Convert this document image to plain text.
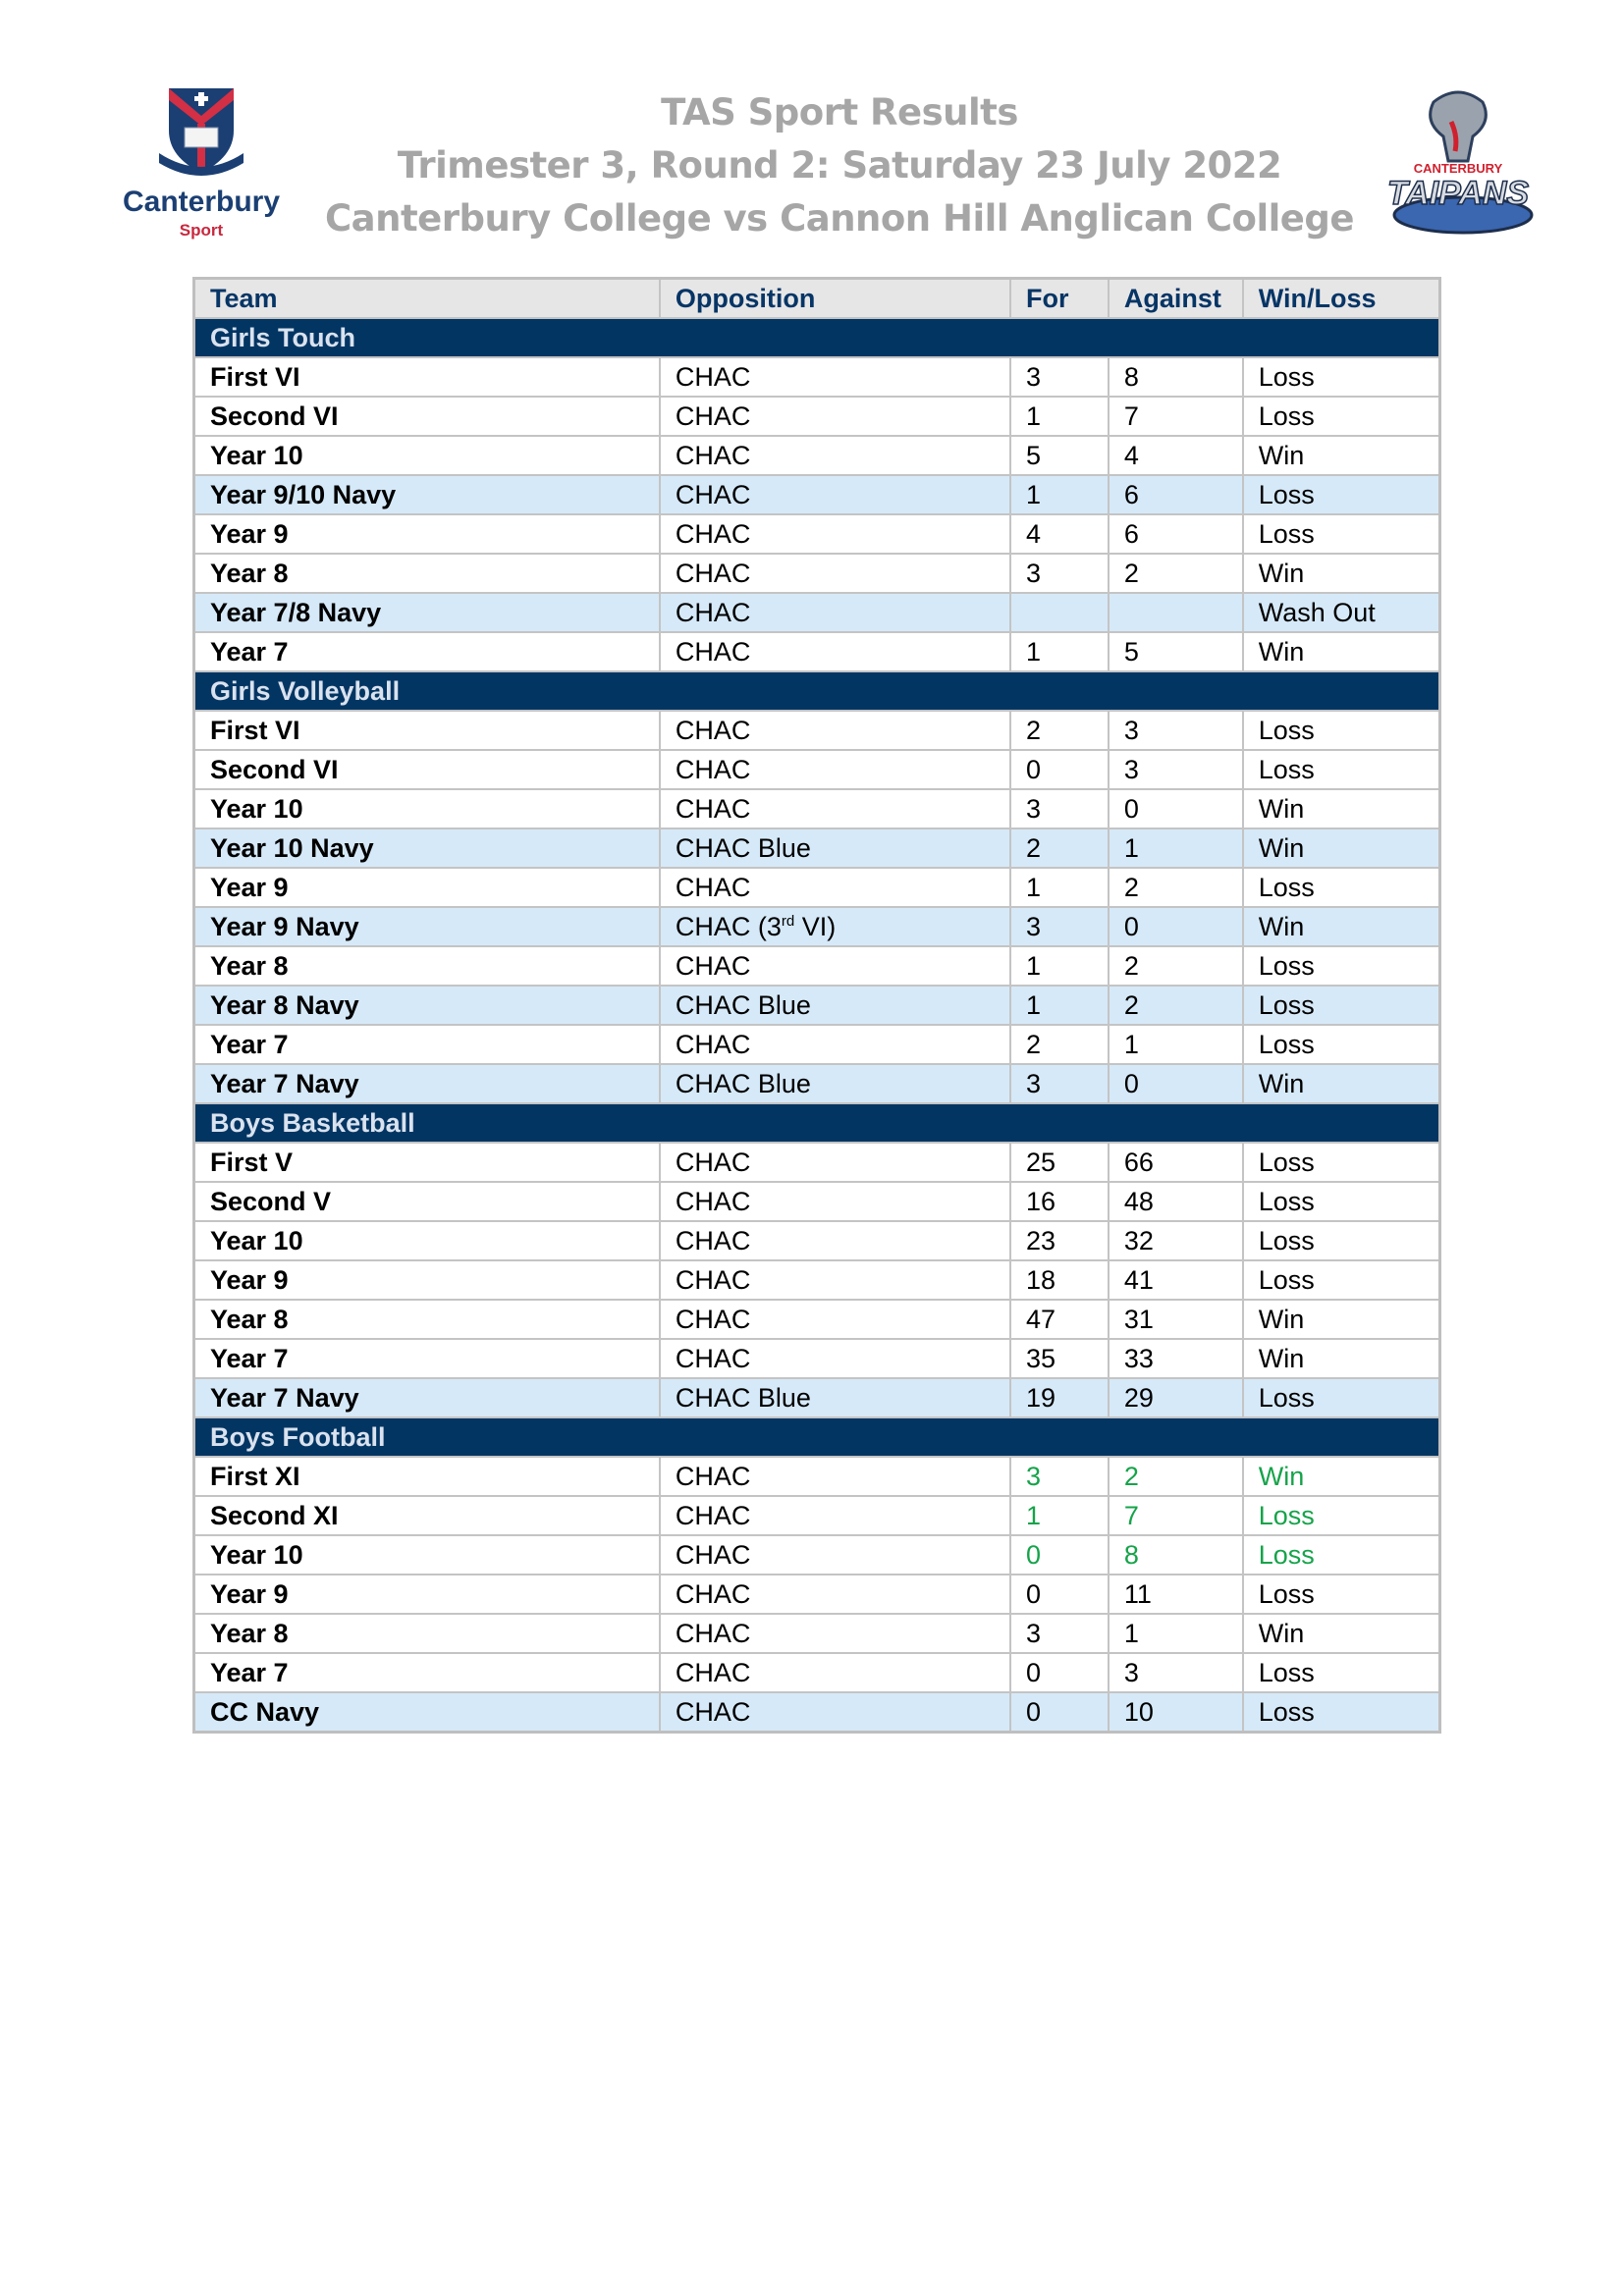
Canterbury
Sport
TAS Sport Results
Trimester 3, Round 2: Saturday 23 July 2022
Canterbury College vs Cannon Hill Anglican College
CANTERBURY
TAIPANS
Team	Opposition	For	Against	Win/Loss
Girls Touch				
First VI	CHAC	3	8	Loss
Second VI	CHAC	1	7	Loss
Year 10	CHAC	5	4	Win
Year 9/10 Navy	CHAC	1	6	Loss
Year 9	CHAC	4	6	Loss
Year 8	CHAC	3	2	Win
Year 7/8 Navy	CHAC			Wash Out
Year 7	CHAC	1	5	Win
Girls Volleyball				
First VI	CHAC	2	3	Loss
Second VI	CHAC	0	3	Loss
Year 10	CHAC	3	0	Win
Year 10 Navy	CHAC Blue	2	1	Win
Year 9	CHAC	1	2	Loss
Year 9 Navy	CHAC (3rd VI)	3	0	Win
Year 8	CHAC	1	2	Loss
Year 8 Navy	CHAC Blue	1	2	Loss
Year 7	CHAC	2	1	Loss
Year 7 Navy	CHAC Blue	3	0	Win
Boys Basketball				
First V	CHAC	25	66	Loss
Second V	CHAC	16	48	Loss
Year 10	CHAC	23	32	Loss
Year 9	CHAC	18	41	Loss
Year 8	CHAC	47	31	Win
Year 7	CHAC	35	33	Win
Year 7 Navy	CHAC Blue	19	29	Loss
Boys Football				
First XI	CHAC	3	2	Win
Second XI	CHAC	1	7	Loss
Year 10	CHAC	0	8	Loss
Year 9	CHAC	0	11	Loss
Year 8	CHAC	3	1	Win
Year 7	CHAC	0	3	Loss
CC Navy	CHAC	0	10	Loss
